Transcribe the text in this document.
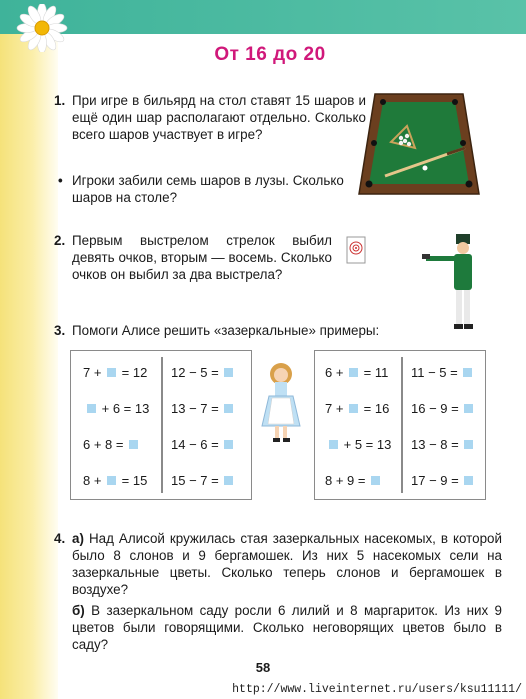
От 16 до 20
1. При игре в бильярд на стол ставят 15 шаров и ещё один шар располагают отдельно. Сколько всего шаров участвует в игре?
• Игроки забили семь шаров в лузы. Сколько шаров на столе?
2. Первым выстрелом стрелок выбил девять очков, вторым — восемь. Сколько очков он выбил за два выстрела?
3. Помоги Алисе решить «зазеркальные» примеры:
7 +  = 12
+ 6 = 13
6 + 8 =
8 +  = 15
12 − 5 =
13 − 7 =
14 − 6 =
15 − 7 =
6 +  = 11
7 +  = 16
+ 5 = 13
8 + 9 =
11 − 5 =
16 − 9 =
13 − 8 =
17 − 9 =
4. а) Над Алисой кружилась стая зазеркальных насекомых, в которой было 8 слонов и 9 бергамошек. Из них 5 насекомых сели на зазеркальные цветы. Сколько теперь слонов и бергамошек в воздухе?
б) В зазеркальном саду росли 6 лилий и 8 маргариток. Из них 9 цветов были говорящими. Сколько неговорящих цветов было в саду?
58
http://www.liveinternet.ru/users/ksu11111/
